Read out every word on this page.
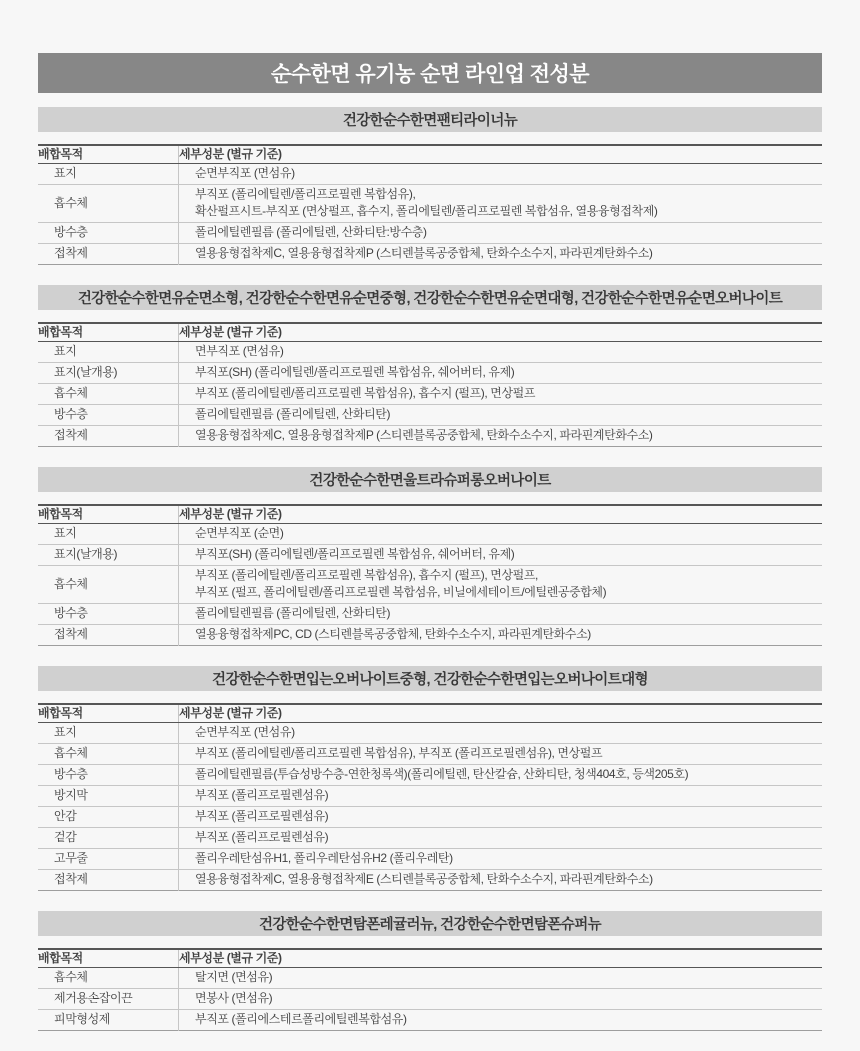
순수한면 유기농 순면 라인업 전성분
건강한순수한면팬티라이너뉴
배합목적	세부성분 (별규 기준)
표지	순면부직포 (면섬유)

흡수체	부직포 (폴리에틸렌/폴리프로필렌 복합섬유),
확산펄프시트-부직포 (면상펄프, 흡수지, 폴리에틸렌/폴리프로필렌 복합섬유, 열용융형접착제)

방수층	폴리에틸렌필름 (폴리에틸렌, 산화티탄:방수층)

접착제	열용융형접착제C, 열용융형접착제P (스티렌블록공중합체, 탄화수소수지, 파라핀계탄화수소)
건강한순수한면유순면소형, 건강한순수한면유순면중형, 건강한순수한면유순면대형, 건강한순수한면유순면오버나이트
배합목적	세부성분 (별규 기준)
표지	면부직포 (면섬유)

표지(날개용)	부직포(SH) (폴리에틸렌/폴리프로필렌 복합섬유, 쉐어버터, 유제)

흡수체	부직포 (폴리에틸렌/폴리프로필렌 복합섬유), 흡수지 (펄프), 면상펄프

방수층	폴리에틸렌필름 (폴리에틸렌, 산화티탄)

접착제	열용융형접착제C, 열용융형접착제P (스티렌블록공중합체, 탄화수소수지, 파라핀계탄화수소)
건강한순수한면울트라슈퍼롱오버나이트
배합목적	세부성분 (별규 기준)
표지	순면부직포 (순면)

표지(날개용)	부직포(SH) (폴리에틸렌/폴리프로필렌 복합섬유, 쉐어버터, 유제)

흡수체	부직포 (폴리에틸렌/폴리프로필렌 복합섬유), 흡수지 (펄프), 면상펄프,
부직포 (펄프, 폴리에틸렌/폴리프로필렌 복합섬유, 비닐에세테이트/에틸렌공중합체)

방수층	폴리에틸렌필름 (폴리에틸렌, 산화티탄)

접착제	열용융형접착제PC, CD (스티렌블록공중합체, 탄화수소수지, 파라핀계탄화수소)
건강한순수한면입는오버나이트중형, 건강한순수한면입는오버나이트대형
배합목적	세부성분 (별규 기준)
표지	순면부직포 (면섬유)

흡수체	부직포 (폴리에틸렌/폴리프로필렌 복합섬유), 부직포 (폴리프로필렌섬유), 면상펄프

방수층	폴리에틸렌필름(투습성방수층-연한청록색)(폴리에틸렌, 탄산칼슘, 산화티탄, 청색404호, 등색205호)

방지막	부직포 (폴리프로필렌섬유)

안감	부직포 (폴리프로필렌섬유)

겉감	부직포 (폴리프로필렌섬유)

고무줄	폴리우레탄섬유H1, 폴리우레탄섬유H2 (폴리우레탄)

접착제	열용융형접착제C, 열용융형접착제E (스티렌블록공중합체, 탄화수소수지, 파라핀계탄화수소)
건강한순수한면탐폰레귤러뉴, 건강한순수한면탐폰슈퍼뉴
배합목적	세부성분 (별규 기준)
흡수체	탈지면 (면섬유)

제거용손잡이끈	면봉사 (면섬유)

피막형성제	부직포 (폴리에스테르폴리에틸렌복합섬유)
